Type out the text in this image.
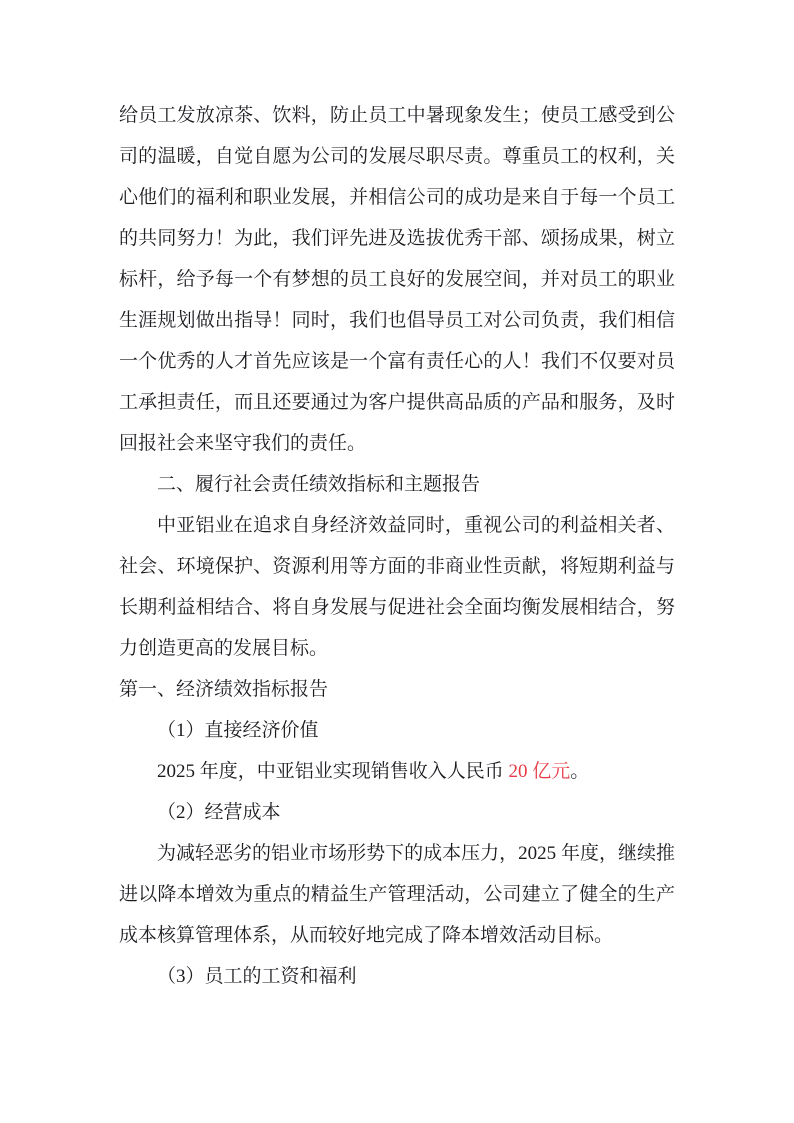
给员工发放凉茶、饮料，防止员工中暑现象发生；使员工感受到公司的温暖，自觉自愿为公司的发展尽职尽责。尊重员工的权利，关心他们的福利和职业发展，并相信公司的成功是来自于每一个员工的共同努力！为此，我们评先进及选拔优秀干部、颂扬成果，树立标杆，给予每一个有梦想的员工良好的发展空间，并对员工的职业生涯规划做出指导！同时，我们也倡导员工对公司负责，我们相信一个优秀的人才首先应该是一个富有责任心的人！我们不仅要对员工承担责任，而且还要通过为客户提供高品质的产品和服务，及时回报社会来坚守我们的责任。

二、履行社会责任绩效指标和主题报告

中亚铝业在追求自身经济效益同时，重视公司的利益相关者、社会、环境保护、资源利用等方面的非商业性贡献，将短期利益与长期利益相结合、将自身发展与促进社会全面均衡发展相结合，努力创造更高的发展目标。

第一、经济绩效指标报告

（1）直接经济价值

2025 年度，中亚铝业实现销售收入人民币 20 亿元。

（2）经营成本

为减轻恶劣的铝业市场形势下的成本压力，2025 年度，继续推进以降本增效为重点的精益生产管理活动，公司建立了健全的生产成本核算管理体系，从而较好地完成了降本增效活动目标。

（3）员工的工资和福利
